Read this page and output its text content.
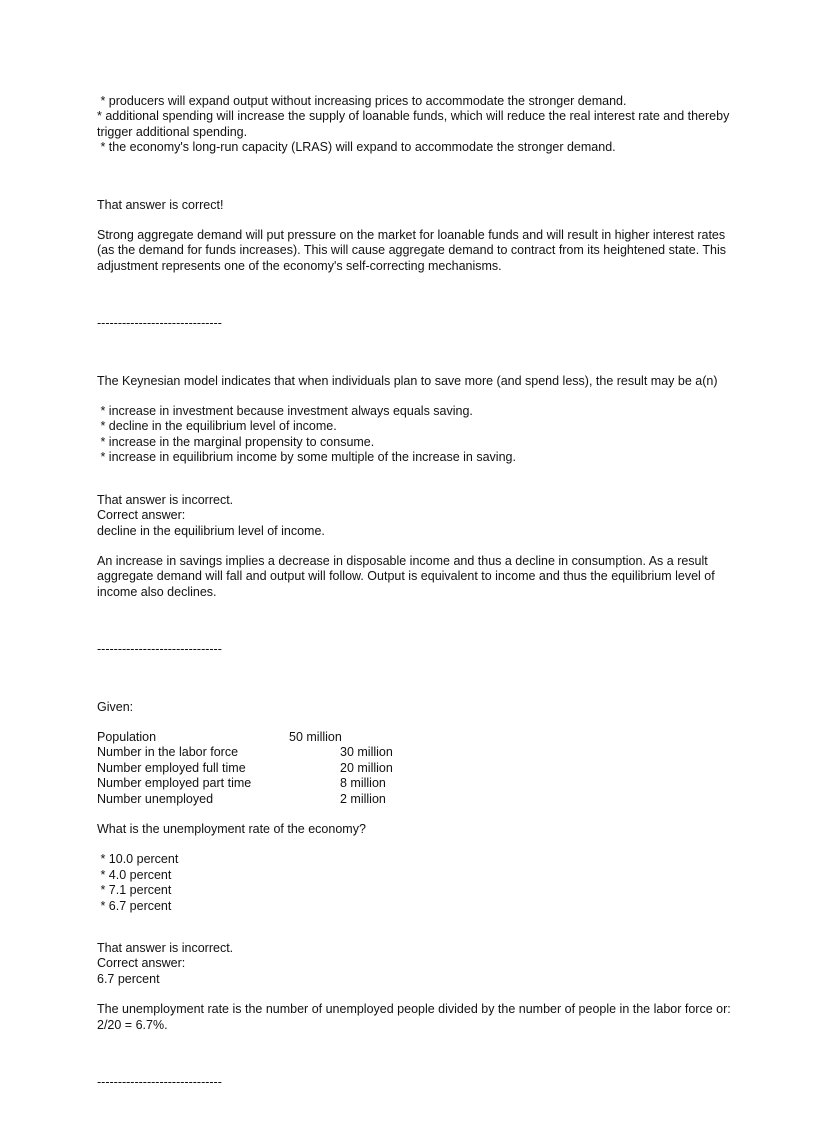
* producers will expand output without increasing prices to accommodate the stronger demand.

* additional spending will increase the supply of loanable funds, which will reduce the real interest rate and thereby trigger additional spending.

* the economy's long-run capacity (LRAS) will expand to accommodate the stronger demand.

That answer is correct!

Strong aggregate demand will put pressure on the market for loanable funds and will result in higher interest rates (as the demand for funds increases). This will cause aggregate demand to contract from its heightened state. This adjustment represents one of the economy's self-correcting mechanisms.

------------------------------

The Keynesian model indicates that when individuals plan to save more (and spend less), the result may be a(n)

* increase in investment because investment always equals saving.

* decline in the equilibrium level of income.

* increase in the marginal propensity to consume.

* increase in equilibrium income by some multiple of the increase in saving.

That answer is incorrect.

Correct answer:

decline in the equilibrium level of income.

An increase in savings implies a decrease in disposable income and thus a decline in consumption. As a result aggregate demand will fall and output will follow. Output is equivalent to income and thus the equilibrium level of income also declines.

------------------------------

Given:

Population	50 million
Number in the labor force	30 million
Number employed full time	20 million
Number employed part time	8 million
Number unemployed	2 million

What is the unemployment rate of the economy?

* 10.0 percent

* 4.0 percent

* 7.1 percent

* 6.7 percent

That answer is incorrect.

Correct answer:

6.7 percent

The unemployment rate is the number of unemployed people divided by the number of people in the labor force or: 2/20 = 6.7%.

------------------------------
